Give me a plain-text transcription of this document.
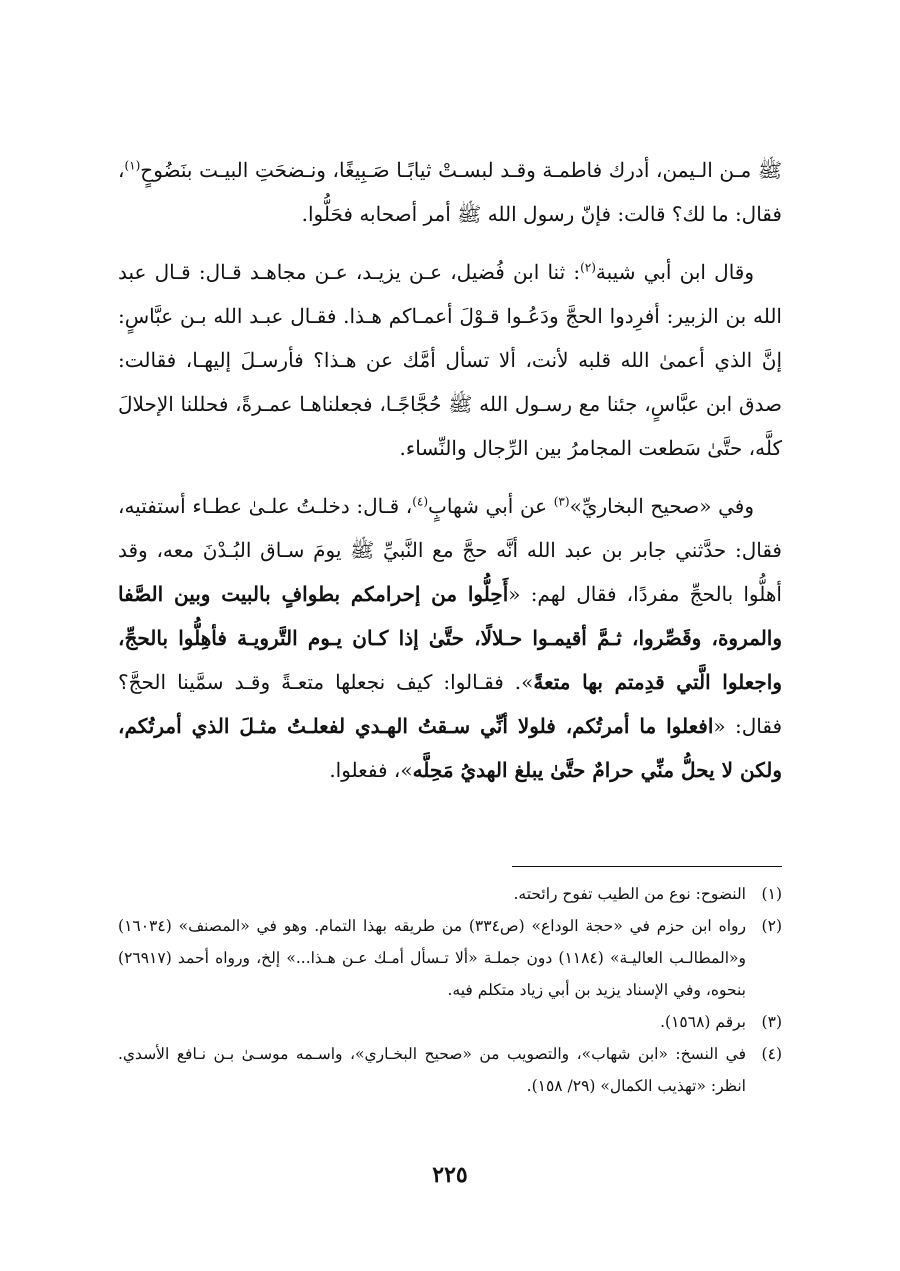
ﷺ مـن الـيمن، أدرك فاطمـة وقـد لبسـتْ ثيابًـا صَـبِيغًا، ونـضحَتِ البيـت بنَضُوحٍ$^{(١)}$، فقال: ما لك؟ قالت: فإنّ رسول الله ﷺ أمر أصحابه فحَلُّوا.

وقال ابن أبي شيبة$^{(٢)}$: ثنا ابن فُضيل، عـن يزيـد، عـن مجاهـد قـال: قـال عبد الله بن الزبير: أفرِدوا الحجَّ ودَعُـوا قـوْلَ أعمـاكم هـذا. فقـال عبـد الله بـن عبَّاسٍ: إنَّ الذي أعمىٰ الله قلبه لأنت، ألا تسأل أمَّك عن هـذا؟ فأرسـلَ إليهـا، فقالت: صدق ابن عبَّاسٍ، جئنا مع رسـول الله ﷺ حُجَّاجًـا، فجعلناهـا عمـرةً، فحللنا الإحلالَ كلَّه، حتَّىٰ سَطعت المجامرُ بين الرِّجال والنِّساء.

وفي «صحيح البخاريِّ»$^{(٣)}$ عن أبي شهابٍ$^{(٤)}$، قـال: دخلـتُ علـىٰ عطـاء أستفتيه، فقال: حدَّثني جابر بن عبد الله أنَّه حجَّ مع النَّبيِّ ﷺ يومَ سـاق البُـدْنَ معه، وقد أهلُّوا بالحجِّ مفردًا، فقال لهم: «أَحِلُّوا من إحرامكم بطوافٍ بالبيت وبين الصَّفا والمروة، وقَصِّروا، ثـمَّ أقيمـوا حـلالًا، حتَّىٰ إذا كـان يـوم التَّرويـة فأهِلُّوا بالحجِّ، واجعلوا الَّتي قدِمتم بها متعةً». فقـالوا: كيف نجعلها متعـةً وقـد سمَّينا الحجَّ؟ فقال: «افعلوا ما أمرتُكم، فلولا أنِّي سـقتُ الهـدي لفعلـتُ مثـلَ الذي أمرتُكم، ولكن لا يحلُّ منِّي حرامٌ حتَّىٰ يبلغ الهديُ مَحِلَّه»، ففعلوا.

(١)
النضوح: نوع من الطيب تفوح رائحته.
(٢)
رواه ابن حزم في «حجة الوداع» (ص٣٣٤) من طريقه بهذا التمام. وهو في «المصنف» (١٦٠٣٤) و«المطالـب العاليـة» (١١٨٤) دون جملـة «ألا تـسأل أمـك عـن هـذا...» إلخ، ورواه أحمد (٢٦٩١٧) بنحوه، وفي الإسناد يزيد بن أبي زياد متكلم فيه.
(٣)
برقم (١٥٦٨).
(٤)
في النسخ: «ابن شهاب»، والتصويب من «صحيح البخـاري»، واسـمه موسـىٰ بـن نـافع الأسدي. انظر: «تهذيب الكمال» (٢٩/ ١٥٨).
٢٢٥
